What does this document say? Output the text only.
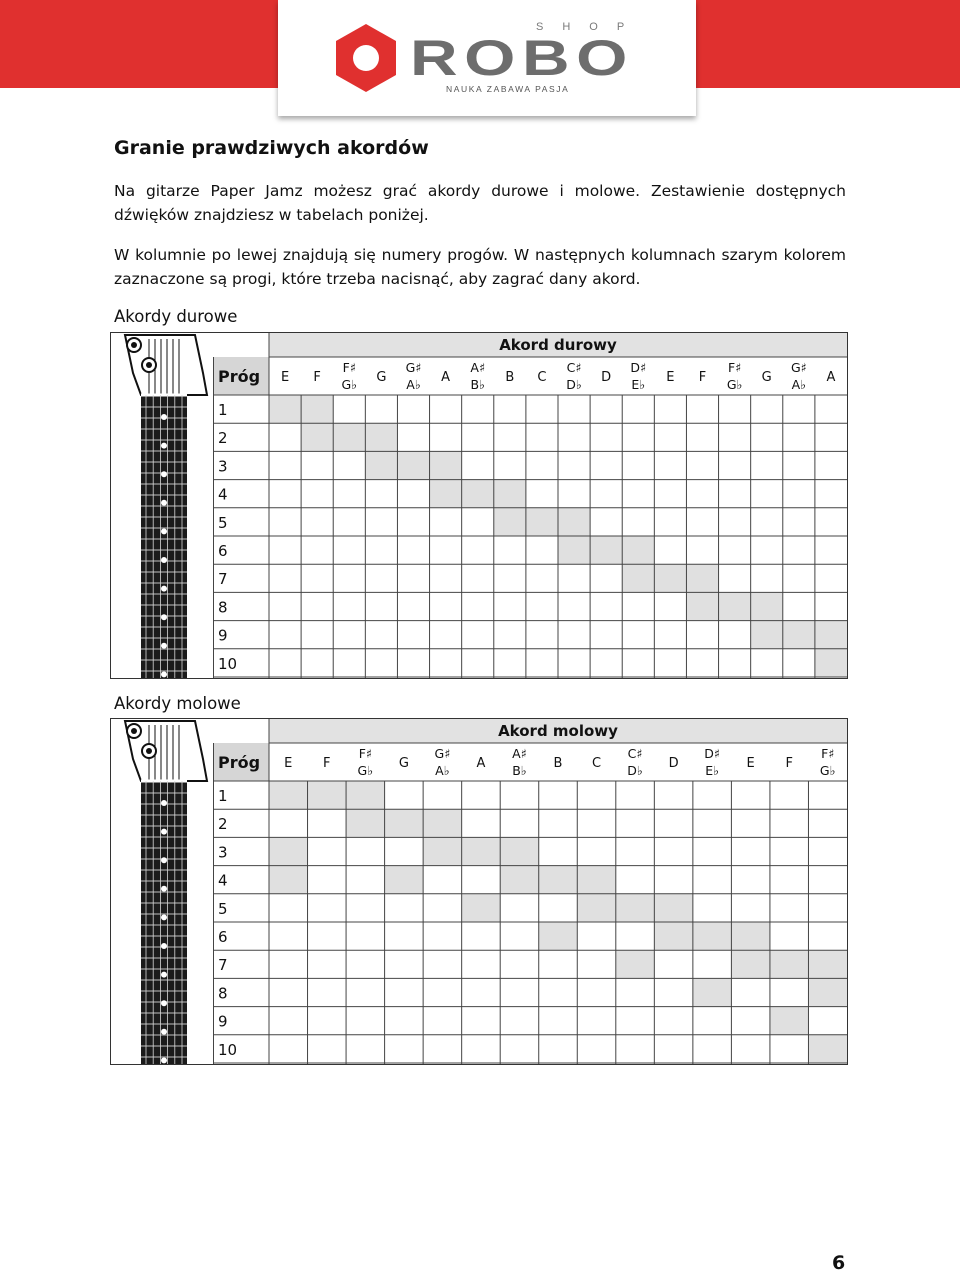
SHOP
ROBO
NAUKA ZABAWA PASJA
Granie prawdziwych akordów

Na gitarze Paper Jamz możesz grać akordy durowe i molowe. Zestawienie dostępnych dźwięków znajdziesz w tabelach poniżej.

W kolumnie po lewej znajdują się numery progów. W następnych kolumnach szarym kolorem zaznaczone są progi, które trzeba nacisnąć, aby zagrać dany akord.

Akordy durowe
Akord durowy
Próg E F
F♯
G♭ G
G♯
A♭ A
A♯
B♭ B C
C♯
D♭ D
D♯
E♭ E F
F♯
G♭ G
G♯
A♭ A
1
2
3
4
5
6
7
8
9
10
Akordy molowe
Akord molowy
Próg E F
F♯
G♭ G
G♯
A♭ A
A♯
B♭ B C
C♯
D♭ D
D♯
E♭ E F
F♯
G♭
1
2
3
4
5
6
7
8
9
10
6
